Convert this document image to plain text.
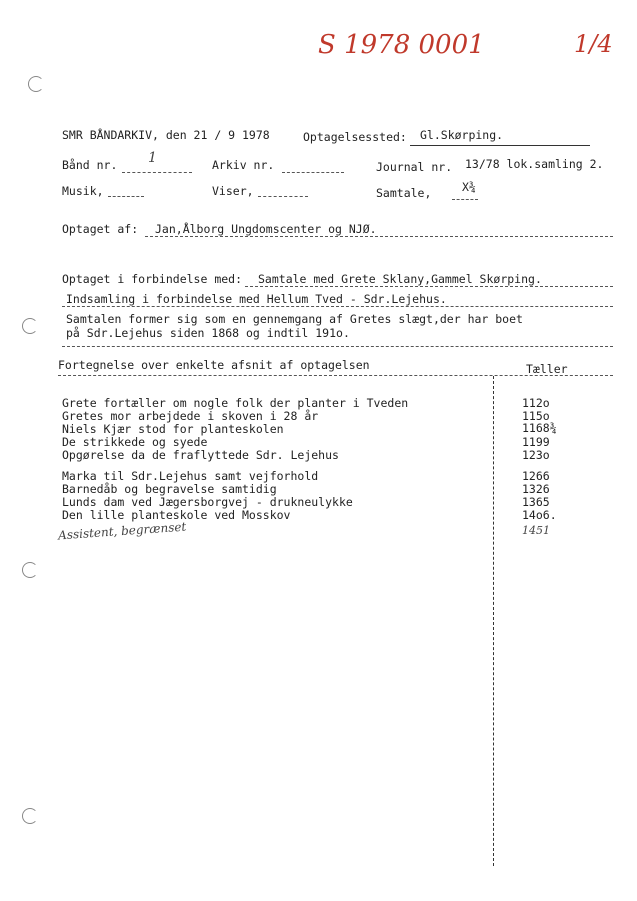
S 1978 0001	1/4
SMR BÅNDARKIV, den 21 / 9 1978	Optagelsessted: Gl.Skørping.
Bånd nr. 1	Arkiv nr.	Journal nr. 13/78 lok.samling 2.
Musik,	Viser,	Samtale,	X¾
Optaget af: Jan,Ålborg Ungdomscenter og NJØ.
Optaget i forbindelse med: Samtale med Grete Sklany,Gammel Skørping.
Indsamling i forbindelse med Hellum Tved - Sdr.Lejehus.
Samtalen former sig som en gennemgang af Gretes slægt,der har boet
på Sdr.Lejehus siden 1868 og indtil 191o.
Fortegnelse over enkelte afsnit af optagelsen	Tæller
Grete fortæller om nogle folk der planter i Tveden	112o
Gretes mor arbejdede i skoven i 28 år	115o
Niels Kjær stod for planteskolen	1168¾
De strikkede og syede	1199
Opgørelse da de fraflyttede Sdr. Lejehus	123o
Marka til Sdr.Lejehus samt vejforhold	1266
Barnedåb og begravelse samtidig	1326
Lunds dam ved Jægersborgvej - drukneulykke	1365
Den lille planteskole ved Mosskov	14o6.
Assistent, begrænset	1451
